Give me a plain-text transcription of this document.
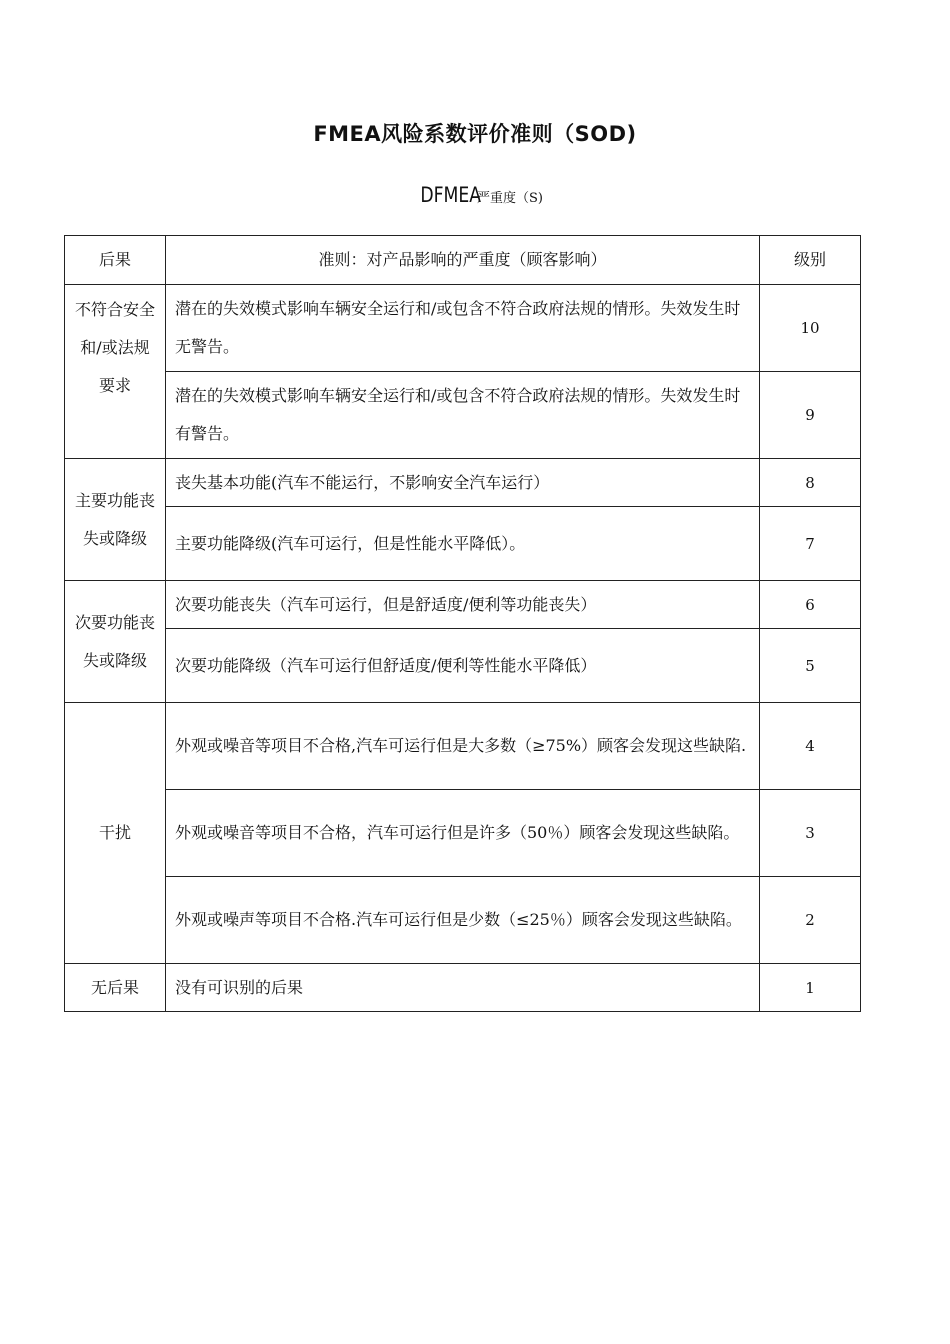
FMEA风险系数评价准则（SOD)
DFMEA严重度（S)
后果	准则：对产品影响的严重度（顾客影响）	级别
不符合安全和/或法规要求	潜在的失效模式影响车辆安全运行和/或包含不符合政府法规的情形。失效发生时无警告。	10
	潜在的失效模式影响车辆安全运行和/或包含不符合政府法规的情形。失效发生时有警告。	9
主要功能丧失或降级	丧失基本功能(汽车不能运行，不影响安全汽车运行）	8
	主要功能降级(汽车可运行，但是性能水平降低）。	7
次要功能丧失或降级	次要功能丧失（汽车可运行，但是舒适度/便利等功能丧失）	6
	次要功能降级（汽车可运行但舒适度/便利等性能水平降低）	5
干扰	外观或噪音等项目不合格,汽车可运行但是大多数（≥75%）顾客会发现这些缺陷.	4
	外观或噪音等项目不合格，汽车可运行但是许多（50％）顾客会发现这些缺陷。	3
	外观或噪声等项目不合格.汽车可运行但是少数（≤25％）顾客会发现这些缺陷。	2
无后果	没有可识别的后果	1
